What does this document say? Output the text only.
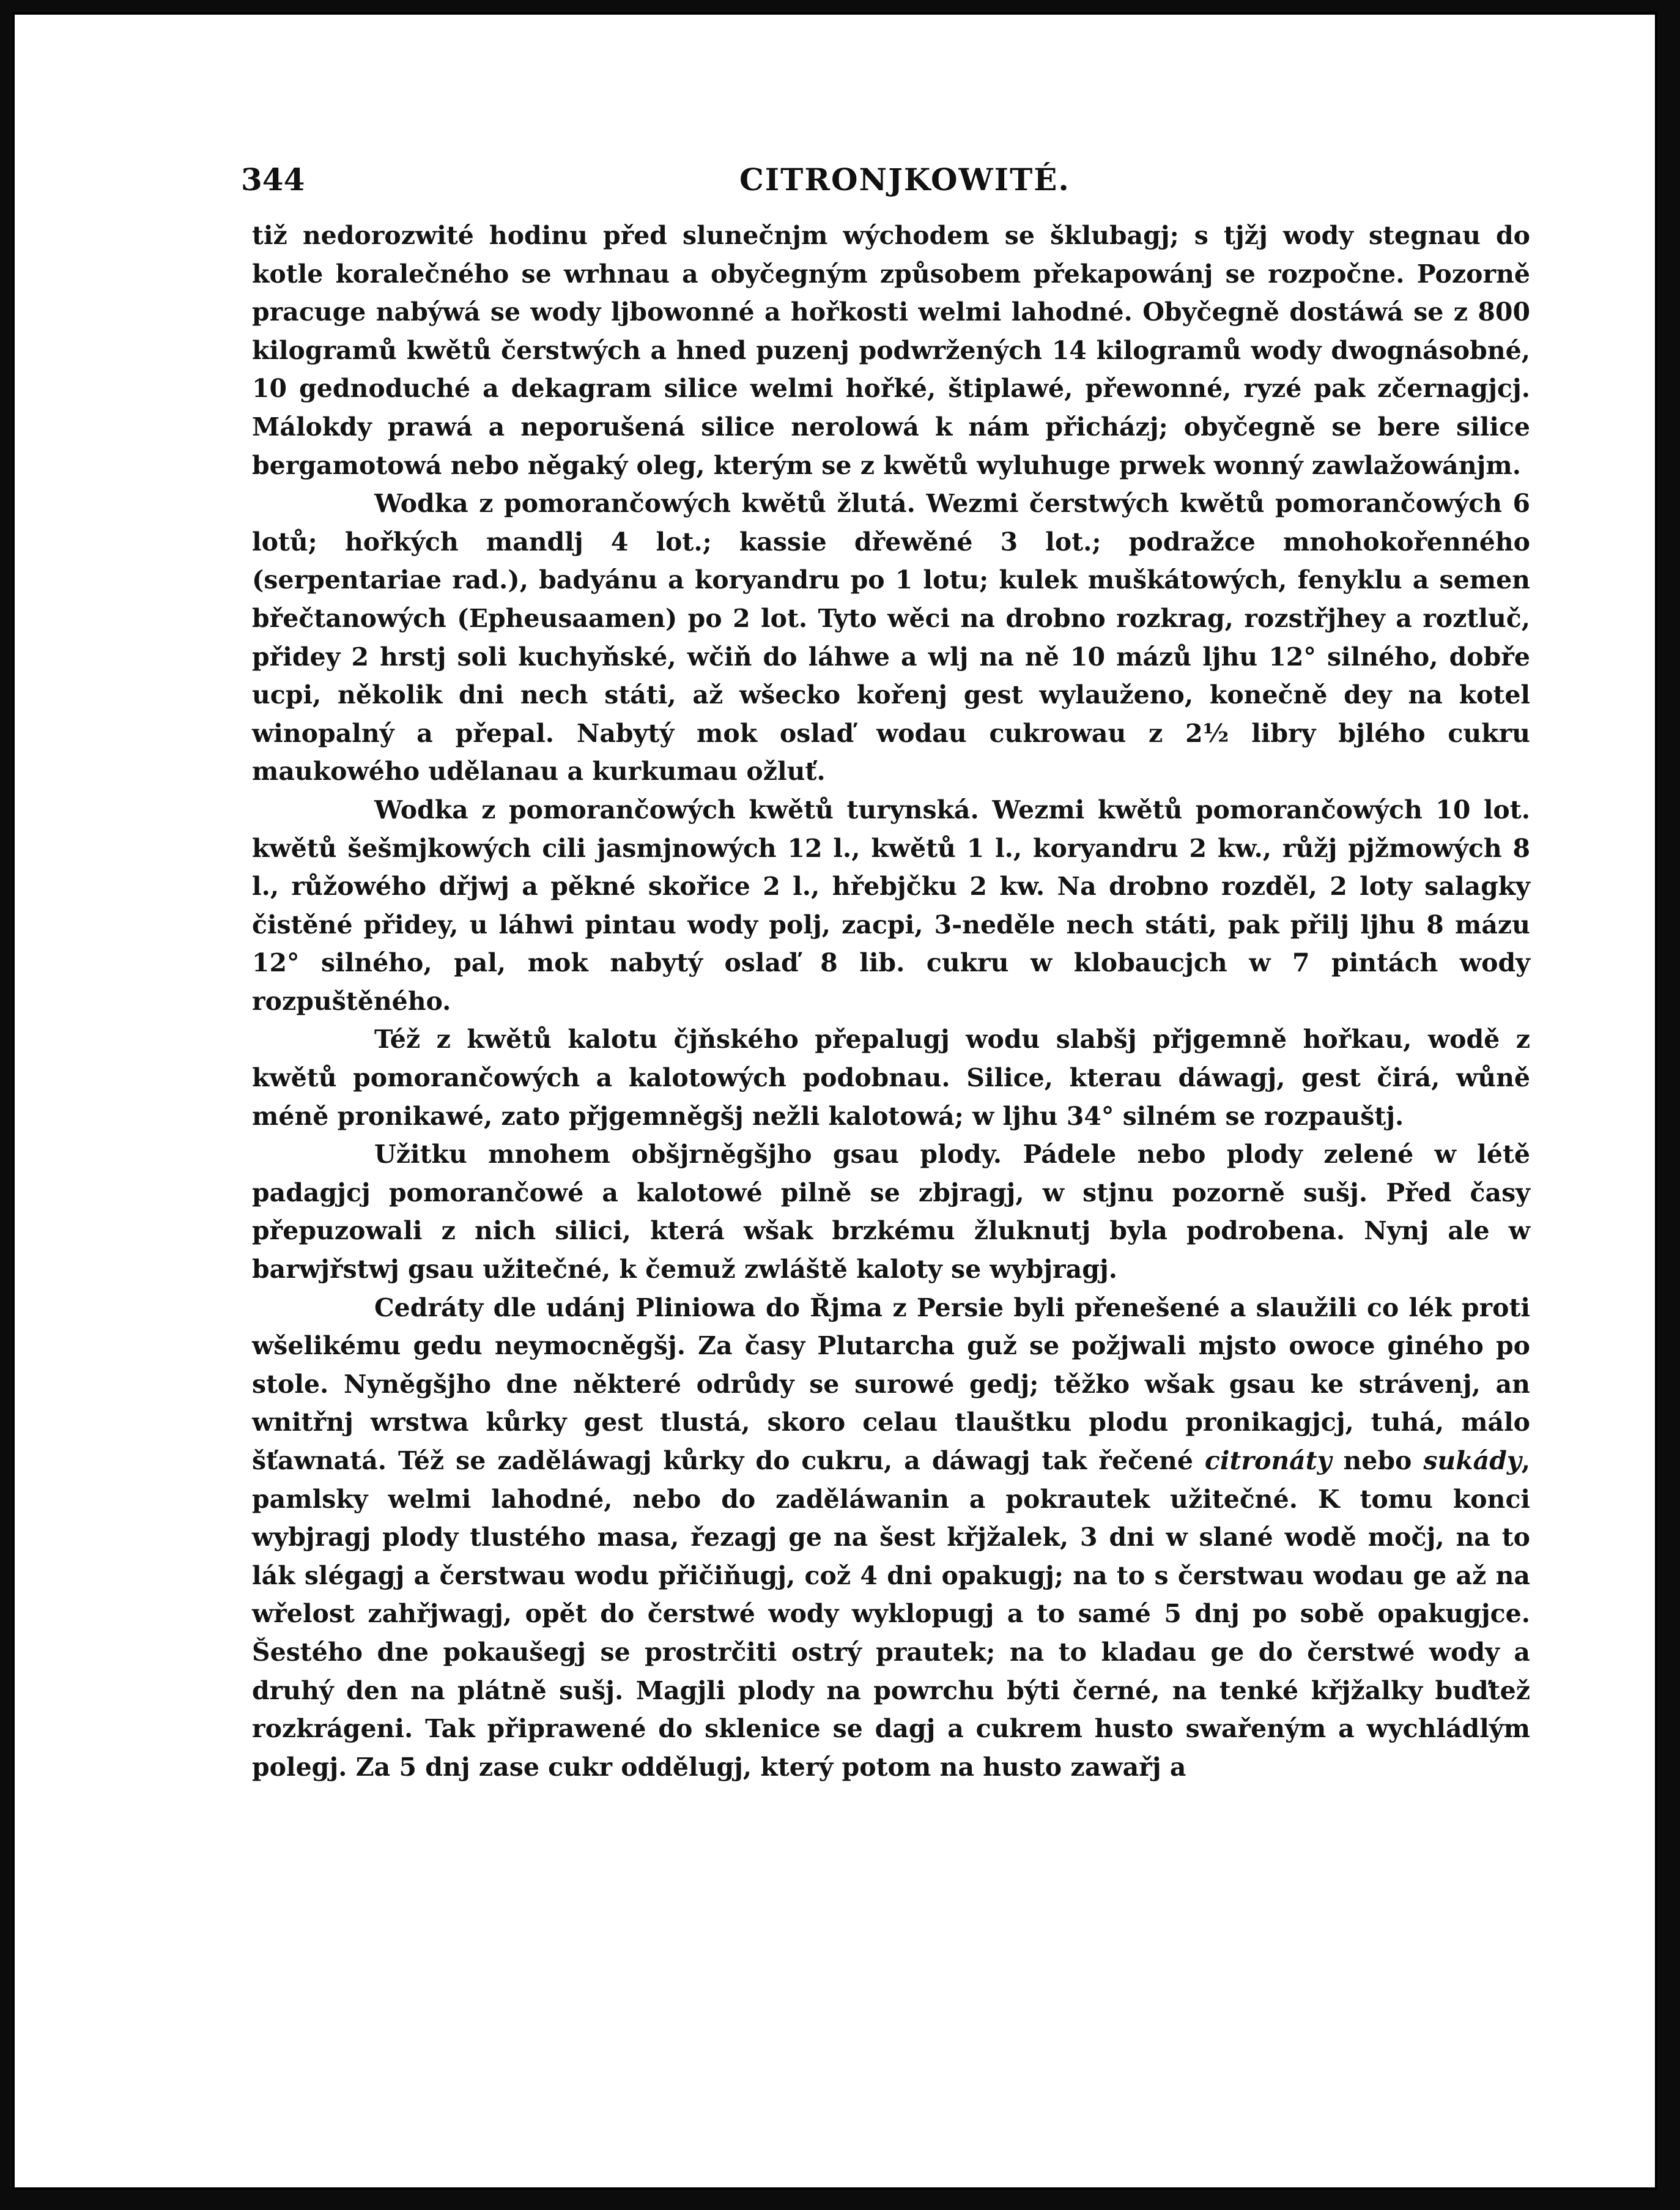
344	CITRONJKOWITÉ.

tiž nedorozwité hodinu před slunečnjm wýchodem se šklubagj; s tjžj wody stegnau do kotle koralečného se wrhnau a obyčegným způsobem překapowánj se rozpočne. Pozorně pracuge nabýwá se wody ljbowonné a hořkosti welmi lahodné. Obyčegně dostáwá se z 800 kilogramů kwětů čerstwých a hned puzenj podwržených 14 kilogramů wody dwognásobné, 10 gednoduché a dekagram silice welmi hořké, štiplawé, přewonné, ryzé pak zčernagjcj. Málokdy prawá a neporušená silice nerolowá k nám přicházj; obyčegně se bere silice bergamotowá nebo něgaký oleg, kterým se z kwětů wyluhuge prwek wonný zawlažowánjm.

Wodka z pomorančowých kwětů žlutá. Wezmi čerstwých kwětů pomorančowých 6 lotů; hořkých mandlj 4 lot.; kassie dřewěné 3 lot.; podražce mnohokořenného (serpentariae rad.), badyánu a koryandru po 1 lotu; kulek muškátowých, fenyklu a semen břečtanowých (Epheusaamen) po 2 lot. Tyto wěci na drobno rozkrag, rozstřjhey a roztluč, přidey 2 hrstj soli kuchyňské, wčiň do láhwe a wlj na ně 10 mázů ljhu 12° silného, dobře ucpi, několik dni nech státi, až wšecko kořenj gest wylauženo, konečně dey na kotel winopalný a přepal. Nabytý mok oslaď wodau cukrowau z 2½ libry bjlého cukru maukowého udělanau a kurkumau ožluť.

Wodka z pomorančowých kwětů turynská. Wezmi kwětů pomorančowých 10 lot. kwětů šešmjkowých cili jasmjnowých 12 l., kwětů 1 l., koryandru 2 kw., růžj pjžmowých 8 l., růžowého dřjwj a pěkné skořice 2 l., hřebjčku 2 kw. Na drobno rozděl, 2 loty salagky čistěné přidey, u láhwi pintau wody polj, zacpi, 3-neděle nech státi, pak přilj ljhu 8 mázu 12° silného, pal, mok nabytý oslaď 8 lib. cukru w klobaucjch w 7 pintách wody rozpuštěného.

Též z kwětů kalotu čjňského přepalugj wodu slabšj přjgemně hořkau, wodě z kwětů pomorančowých a kalotowých podobnau. Silice, kterau dáwagj, gest čirá, wůně méně pronikawé, zato přjgemněgšj nežli kalotowá; w ljhu 34° silném se rozpauštj.

Užitku mnohem obšjrněgšjho gsau plody. Pádele nebo plody zelené w létě padagjcj pomorančowé a kalotowé pilně se zbjragj, w stjnu pozorně sušj. Před časy přepuzowali z nich silici, která wšak brzkému žluknutj byla podrobena. Nynj ale w barwjřstwj gsau užitečné, k čemuž zwláště kaloty se wybjragj.

Cedráty dle udánj Pliniowa do Řjma z Persie byli přenešené a slaužili co lék proti wšelikému gedu neymocněgšj. Za časy Plutarcha guž se požjwali mjsto owoce giného po stole. Nyněgšjho dne některé odrůdy se surowé gedj; těžko wšak gsau ke strávenj, an wnitřnj wrstwa kůrky gest tlustá, skoro celau tlauštku plodu pronikagjcj, tuhá, málo šťawnatá. Též se zaděláwagj kůrky do cukru, a dáwagj tak řečené citronáty nebo sukády, pamlsky welmi lahodné, nebo do zaděláwanin a pokrautek užitečné. K tomu konci wybjragj plody tlustého masa, řezagj ge na šest křjžalek, 3 dni w slané wodě močj, na to lák slégagj a čerstwau wodu přičiňugj, což 4 dni opakugj; na to s čerstwau wodau ge až na wřelost zahřjwagj, opět do čerstwé wody wyklopugj a to samé 5 dnj po sobě opakugjce. Šestého dne pokaušegj se prostrčiti ostrý prautek; na to kladau ge do čerstwé wody a druhý den na plátně sušj. Magjli plody na powrchu býti černé, na tenké křjžalky buďtež rozkrágeni. Tak připrawené do sklenice se dagj a cukrem husto swařeným a wychládlým polegj. Za 5 dnj zase cukr oddělugj, který potom na husto zawařj a
